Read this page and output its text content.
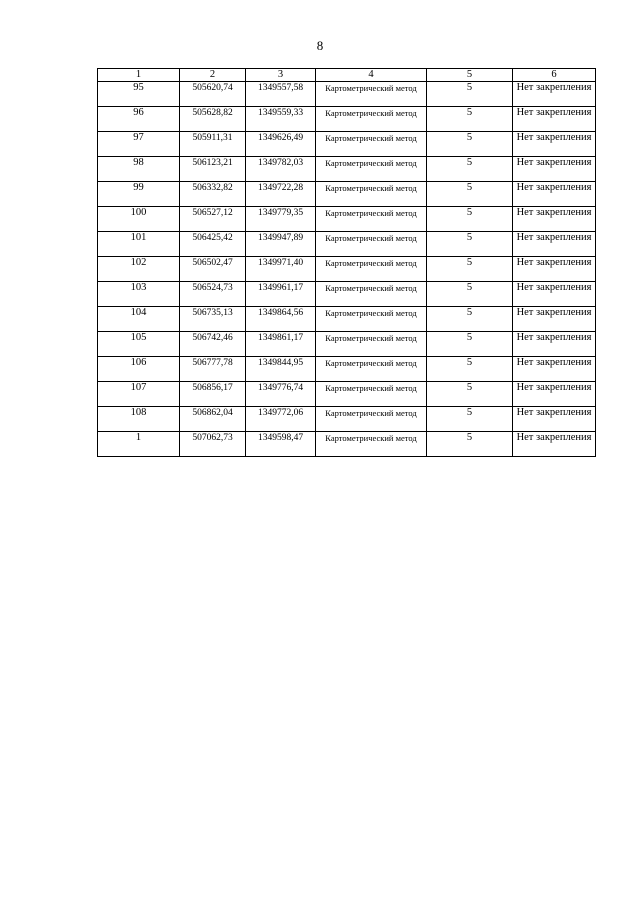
8
1	2	3	4	5	6
95	505620,74	1349557,58	Картометрический метод	5	Нет закрепления
96	505628,82	1349559,33	Картометрический метод	5	Нет закрепления
97	505911,31	1349626,49	Картометрический метод	5	Нет закрепления
98	506123,21	1349782,03	Картометрический метод	5	Нет закрепления
99	506332,82	1349722,28	Картометрический метод	5	Нет закрепления
100	506527,12	1349779,35	Картометрический метод	5	Нет закрепления
101	506425,42	1349947,89	Картометрический метод	5	Нет закрепления
102	506502,47	1349971,40	Картометрический метод	5	Нет закрепления
103	506524,73	1349961,17	Картометрический метод	5	Нет закрепления
104	506735,13	1349864,56	Картометрический метод	5	Нет закрепления
105	506742,46	1349861,17	Картометрический метод	5	Нет закрепления
106	506777,78	1349844,95	Картометрический метод	5	Нет закрепления
107	506856,17	1349776,74	Картометрический метод	5	Нет закрепления
108	506862,04	1349772,06	Картометрический метод	5	Нет закрепления
1	507062,73	1349598,47	Картометрический метод	5	Нет закрепления
